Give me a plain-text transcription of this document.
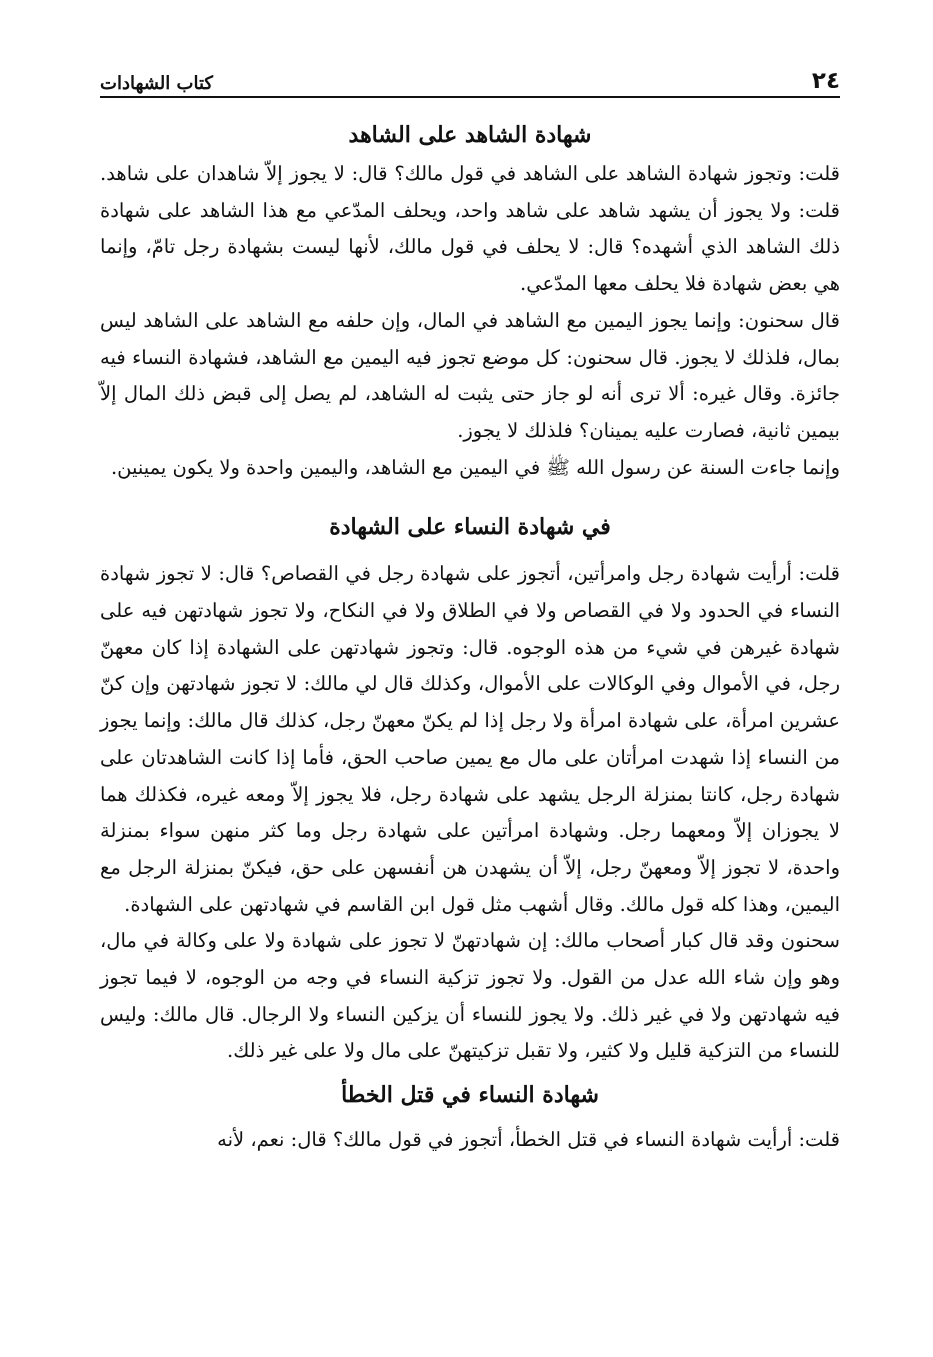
٢٤
كتاب الشهادات
شهادة الشاهد على الشاهد

قلت: وتجوز شهادة الشاهد على الشاهد في قول مالك؟ قال: لا يجوز إلاّ شاهدان على شاهد. قلت: ولا يجوز أن يشهد شاهد على شاهد واحد، ويحلف المدّعي مع هذا الشاهد على شهادة ذلك الشاهد الذي أشهده؟ قال: لا يحلف في قول مالك، لأنها ليست بشهادة رجل تامّ، وإنما هي بعض شهادة فلا يحلف معها المدّعي.

قال سحنون: وإنما يجوز اليمين مع الشاهد في المال، وإن حلفه مع الشاهد على الشاهد ليس بمال، فلذلك لا يجوز. قال سحنون: كل موضع تجوز فيه اليمين مع الشاهد، فشهادة النساء فيه جائزة. وقال غيره: ألا ترى أنه لو جاز حتى يثبت له الشاهد، لم يصل إلى قبض ذلك المال إلاّ بيمين ثانية، فصارت عليه يمينان؟ فلذلك لا يجوز.

وإنما جاءت السنة عن رسول الله ﷺ في اليمين مع الشاهد، واليمين واحدة ولا يكون يمينين.

في شهادة النساء على الشهادة

قلت: أرأيت شهادة رجل وامرأتين، أتجوز على شهادة رجل في القصاص؟ قال: لا تجوز شهادة النساء في الحدود ولا في القصاص ولا في الطلاق ولا في النكاح، ولا تجوز شهادتهن فيه على شهادة غيرهن في شيء من هذه الوجوه. قال: وتجوز شهادتهن على الشهادة إذا كان معهنّ رجل، في الأموال وفي الوكالات على الأموال، وكذلك قال لي مالك: لا تجوز شهادتهن وإن كنّ عشرين امرأة، على شهادة امرأة ولا رجل إذا لم يكنّ معهنّ رجل، كذلك قال مالك: وإنما يجوز من النساء إذا شهدت امرأتان على مال مع يمين صاحب الحق، فأما إذا كانت الشاهدتان على شهادة رجل، كانتا بمنزلة الرجل يشهد على شهادة رجل، فلا يجوز إلاّ ومعه غيره، فكذلك هما لا يجوزان إلاّ ومعهما رجل. وشهادة امرأتين على شهادة رجل وما كثر منهن سواء بمنزلة واحدة، لا تجوز إلاّ ومعهنّ رجل، إلاّ أن يشهدن هن أنفسهن على حق، فيكنّ بمنزلة الرجل مع اليمين، وهذا كله قول مالك. وقال أشهب مثل قول ابن القاسم في شهادتهن على الشهادة.

سحنون وقد قال كبار أصحاب مالك: إن شهادتهنّ لا تجوز على شهادة ولا على وكالة في مال، وهو وإن شاء الله عدل من القول. ولا تجوز تزكية النساء في وجه من الوجوه، لا فيما تجوز فيه شهادتهن ولا في غير ذلك. ولا يجوز للنساء أن يزكين النساء ولا الرجال. قال مالك: وليس للنساء من التزكية قليل ولا كثير، ولا تقبل تزكيتهنّ على مال ولا على غير ذلك.

شهادة النساء في قتل الخطأ

قلت: أرأيت شهادة النساء في قتل الخطأ، أتجوز في قول مالك؟ قال: نعم، لأنه
